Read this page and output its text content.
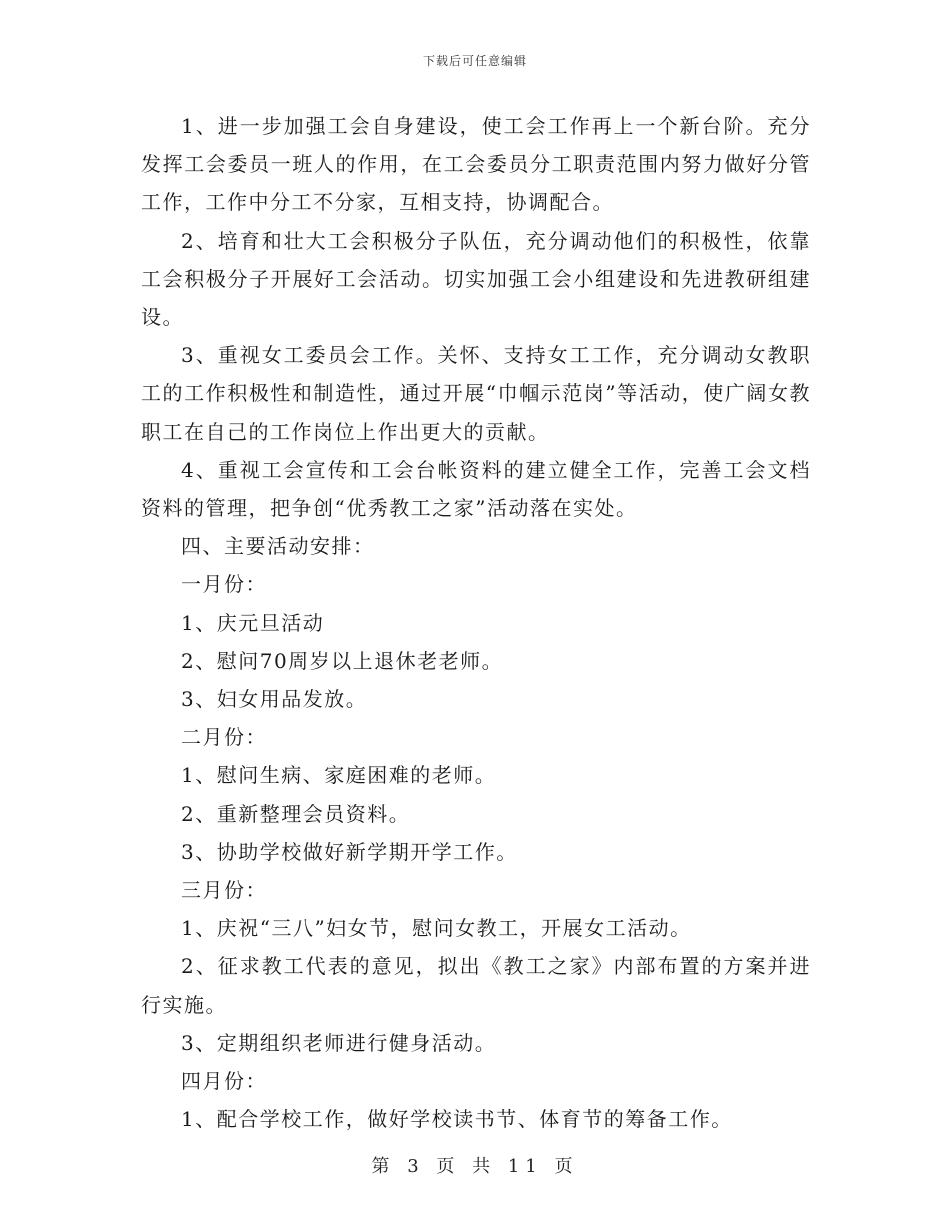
下载后可任意编辑

1、进一步加强工会自身建设，使工会工作再上一个新台阶。充分发挥工会委员一班人的作用，在工会委员分工职责范围内努力做好分管工作，工作中分工不分家，互相支持，协调配合。

2、培育和壮大工会积极分子队伍，充分调动他们的积极性，依靠工会积极分子开展好工会活动。切实加强工会小组建设和先进教研组建设。

3、重视女工委员会工作。关怀、支持女工工作，充分调动女教职工的工作积极性和制造性，通过开展“巾帼示范岗”等活动，使广阔女教职工在自己的工作岗位上作出更大的贡献。

4、重视工会宣传和工会台帐资料的建立健全工作，完善工会文档资料的管理，把争创“优秀教工之家”活动落在实处。

四、主要活动安排：

一月份：

1、庆元旦活动

2、慰问70周岁以上退休老老师。

3、妇女用品发放。

二月份：

1、慰问生病、家庭困难的老师。

2、重新整理会员资料。

3、协助学校做好新学期开学工作。

三月份：

1、庆祝“三八”妇女节，慰问女教工，开展女工活动。

2、征求教工代表的意见，拟出《教工之家》内部布置的方案并进行实施。

3、定期组织老师进行健身活动。

四月份：

1、配合学校工作，做好学校读书节、体育节的筹备工作。

第 3 页 共 11 页
